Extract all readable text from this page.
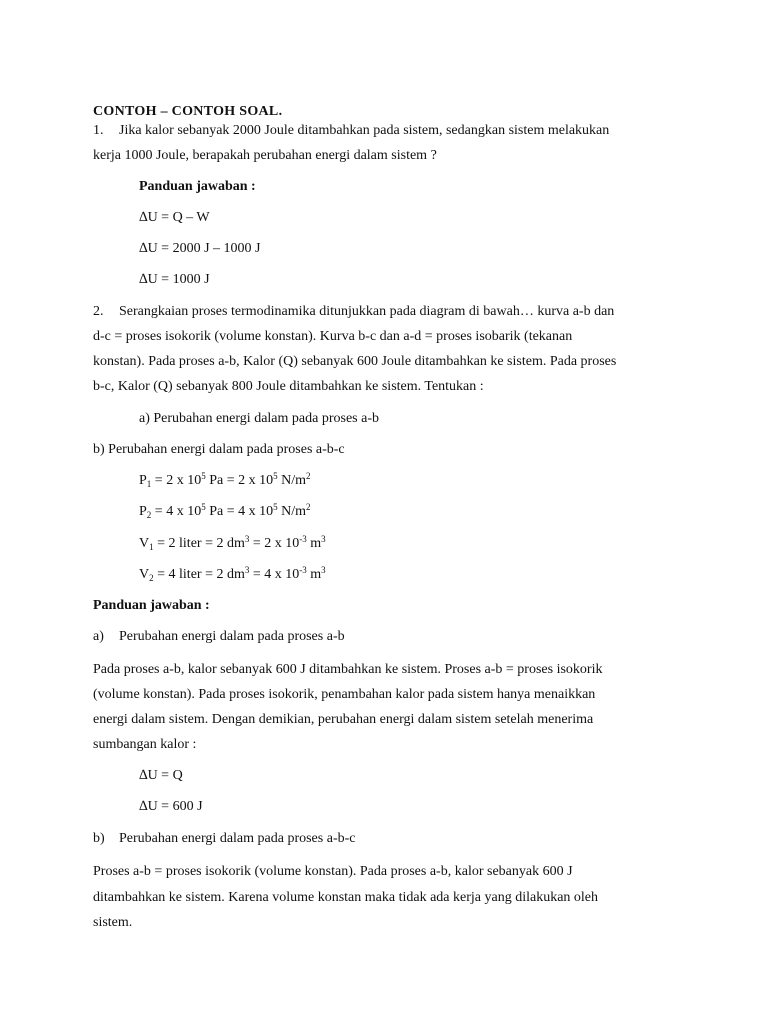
CONTOH – CONTOH SOAL.
1. Jika kalor sebanyak 2000 Joule ditambahkan pada sistem, sedangkan sistem melakukan
kerja 1000 Joule, berapakah perubahan energi dalam sistem ?
Panduan jawaban :
∆U = Q – W
∆U = 2000 J – 1000 J
∆U = 1000 J
2. Serangkaian proses termodinamika ditunjukkan pada diagram di bawah… kurva a-b dan
d-c = proses isokorik (volume konstan). Kurva b-c dan a-d = proses isobarik (tekanan
konstan). Pada proses a-b, Kalor (Q) sebanyak 600 Joule ditambahkan ke sistem. Pada proses
b-c, Kalor (Q) sebanyak 800 Joule ditambahkan ke sistem. Tentukan :
a) Perubahan energi dalam pada proses a-b
b) Perubahan energi dalam pada proses a-b-c
$P_1 = 2$ x $10^5$ Pa = 2 x $10^5$ $N/m^2$
$P_2 = 4$ x $10^5$ Pa = 4 x $10^5$ $N/m^2$
$V_1 = 2$ liter = 2 $dm^3 = 2$ x $10^{-3}$ $m^3$
$V_2 = 4$ liter = 2 $dm^3 = 4$ x $10^{-3}$ $m^3$
Panduan jawaban :
a) Perubahan energi dalam pada proses a-b
Pada proses a-b, kalor sebanyak 600 J ditambahkan ke sistem. Proses a-b = proses isokorik
(volume konstan). Pada proses isokorik, penambahan kalor pada sistem hanya menaikkan
energi dalam sistem. Dengan demikian, perubahan energi dalam sistem setelah menerima
sumbangan kalor :
∆U = Q
∆U = 600 J
b) Perubahan energi dalam pada proses a-b-c
Proses a-b = proses isokorik (volume konstan). Pada proses a-b, kalor sebanyak 600 J
ditambahkan ke sistem. Karena volume konstan maka tidak ada kerja yang dilakukan oleh
sistem.
